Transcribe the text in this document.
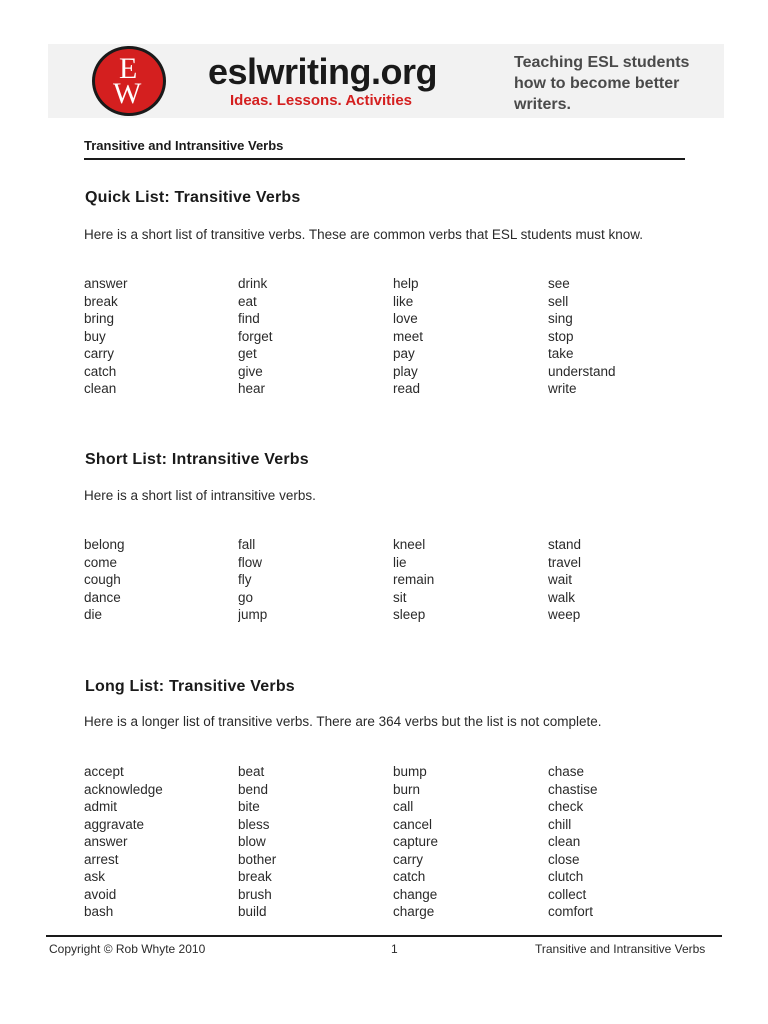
E
W
eslwriting.org
Ideas. Lessons. Activities
Teaching ESL students how to become better writers.
Transitive and Intransitive Verbs
Quick List: Transitive Verbs
Here is a short list of transitive verbs. These are common verbs that ESL students must know.
answer	drink	help	see
break	eat	like	sell
bring	find	love	sing
buy	forget	meet	stop
carry	get	pay	take
catch	give	play	understand
clean	hear	read	write
Short List: Intransitive Verbs
Here is a short list of intransitive verbs.
belong	fall	kneel	stand
come	flow	lie	travel
cough	fly	remain	wait
dance	go	sit	walk
die	jump	sleep	weep
Long List: Transitive Verbs
Here is a longer list of transitive verbs. There are 364 verbs but the list is not complete.
accept	beat	bump	chase
acknowledge	bend	burn	chastise
admit	bite	call	check
aggravate	bless	cancel	chill
answer	blow	capture	clean
arrest	bother	carry	close
ask	break	catch	clutch
avoid	brush	change	collect
bash	build	charge	comfort
Copyright © Rob Whyte 2010	1	Transitive and Intransitive Verbs
